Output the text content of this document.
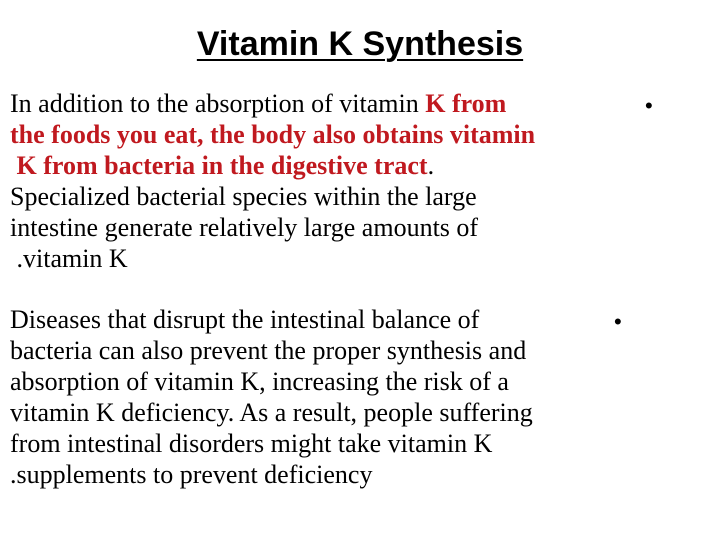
Vitamin K Synthesis
In addition to the absorption of vitamin K from
the foods you eat, the body also obtains vitamin
K from bacteria in the digestive tract.
Specialized bacterial species within the large
intestine generate relatively large amounts of
.vitamin K
•
Diseases that disrupt the intestinal balance of
bacteria can also prevent the proper synthesis and
absorption of vitamin K, increasing the risk of a
vitamin K deficiency. As a result, people suffering
from intestinal disorders might take vitamin K
.supplements to prevent deficiency
•
